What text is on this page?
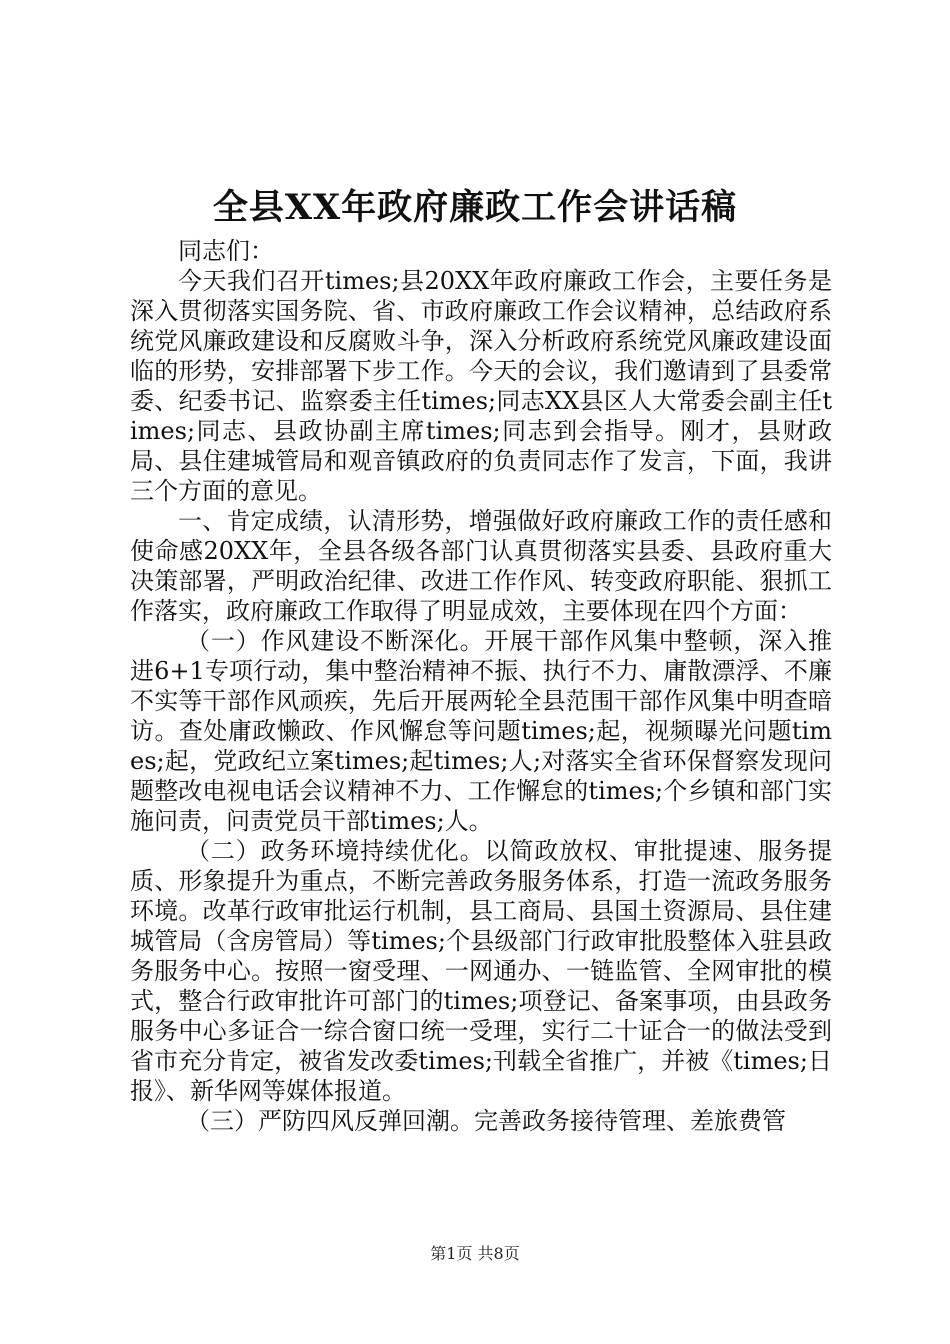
全县XX年政府廉政工作会讲话稿

同志们：

今天我们召开times;县20XX年政府廉政工作会，主要任务是深入贯彻落实国务院、省、市政府廉政工作会议精神，总结政府系统党风廉政建设和反腐败斗争，深入分析政府系统党风廉政建设面临的形势，安排部署下步工作。今天的会议，我们邀请到了县委常委、纪委书记、监察委主任times;同志XX县区人大常委会副主任times;同志、县政协副主席times;同志到会指导。刚才，县财政局、县住建城管局和观音镇政府的负责同志作了发言，下面，我讲三个方面的意见。

一、肯定成绩，认清形势，增强做好政府廉政工作的责任感和使命感20XX年，全县各级各部门认真贯彻落实县委、县政府重大决策部署，严明政治纪律、改进工作作风、转变政府职能、狠抓工作落实，政府廉政工作取得了明显成效，主要体现在四个方面：

（一）作风建设不断深化。开展干部作风集中整顿，深入推进6+1专项行动，集中整治精神不振、执行不力、庸散漂浮、不廉不实等干部作风顽疾，先后开展两轮全县范围干部作风集中明查暗访。查处庸政懒政、作风懈怠等问题times;起，视频曝光问题times;起，党政纪立案times;起times;人;对落实全省环保督察发现问题整改电视电话会议精神不力、工作懈怠的times;个乡镇和部门实施问责，问责党员干部times;人。

（二）政务环境持续优化。以简政放权、审批提速、服务提质、形象提升为重点，不断完善政务服务体系，打造一流政务服务环境。改革行政审批运行机制，县工商局、县国土资源局、县住建城管局（含房管局）等times;个县级部门行政审批股整体入驻县政务服务中心。按照一窗受理、一网通办、一链监管、全网审批的模式，整合行政审批许可部门的times;项登记、备案事项，由县政务服务中心多证合一综合窗口统一受理，实行二十证合一的做法受到省市充分肯定，被省发改委times;刊载全省推广，并被《times;日报》、新华网等媒体报道。

（三）严防四风反弹回潮。完善政务接待管理、差旅费管

第1页 共8页
